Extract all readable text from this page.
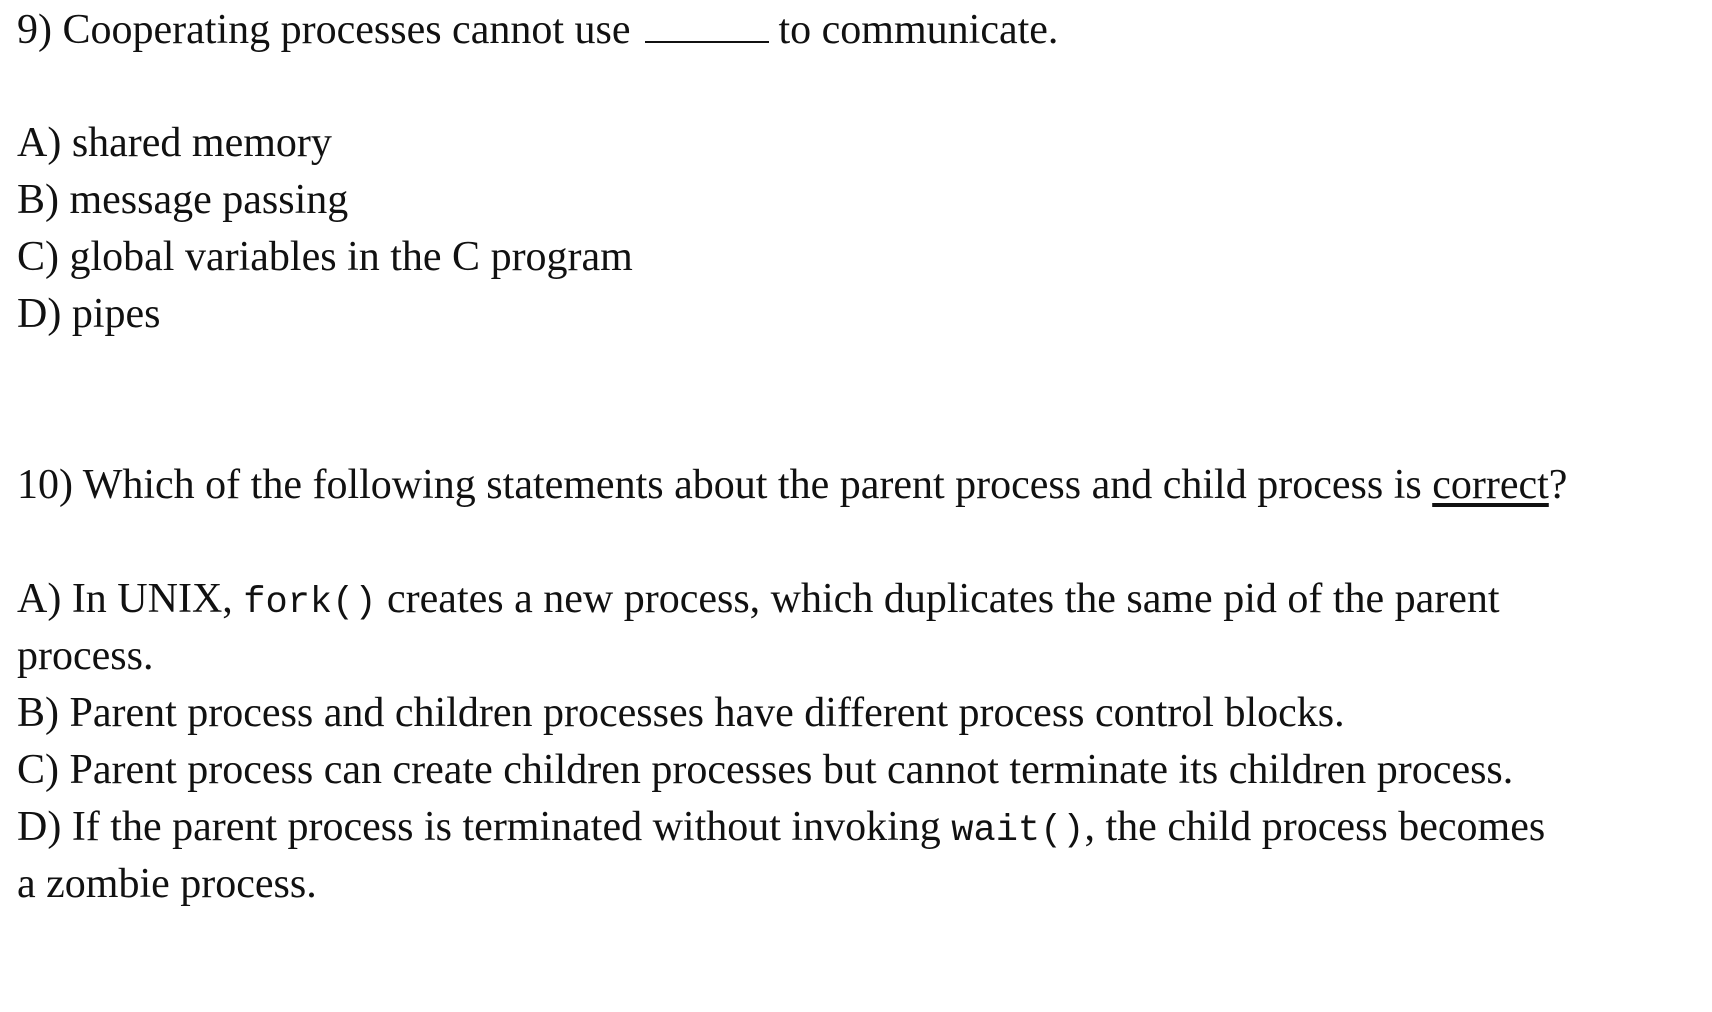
9) Cooperating processes cannot use	to communicate.
A) shared memory
B) message passing
C) global variables in the C program
D) pipes
10) Which of the following statements about the parent process and child process is correct?
A) In UNIX, fork() creates a new process, which duplicates the same pid of the parent
process.
B) Parent process and children processes have different process control blocks.
C) Parent process can create children processes but cannot terminate its children process.
D) If the parent process is terminated without invoking wait(), the child process becomes
a zombie process.
